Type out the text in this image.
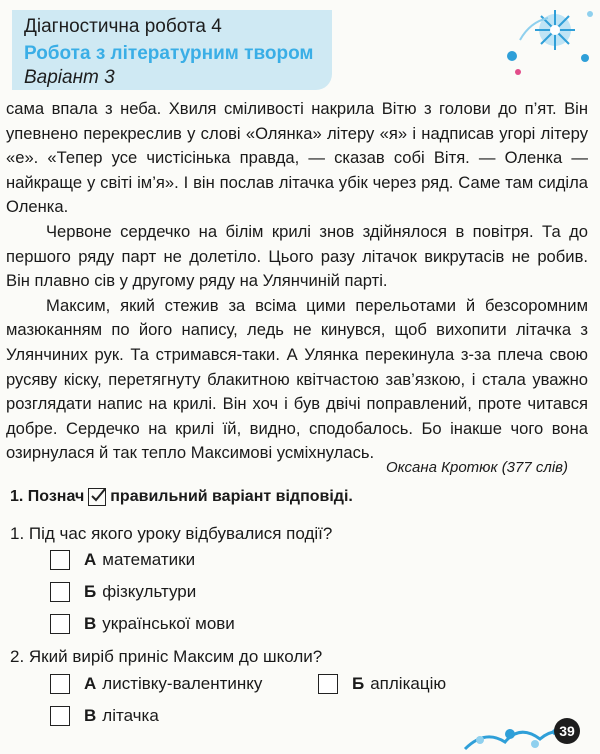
Діагностична робота 4
Робота з літературним твором
Варіант 3

сама впала з неба. Хвиля сміливості накрила Вітю з голови до п’ят. Він упевнено перекреслив у слові «Олянка» літеру «я» і надписав угорі літеру «е». «Тепер усе чистісінька правда, — сказав собі Вітя. — Оленка — найкраще у світі ім’я». І він послав літачка убік через ряд. Саме там сиділа Оленка.

Червоне сердечко на білім крилі знов здійнялося в повітря. Та до першого ряду парт не долетіло. Цього разу літачок викрутасів не робив. Він плавно сів у другому ряду на Улянчиній парті.

Максим, який стежив за всіма цими перельотами й безсоромним мазюканням по його напису, ледь не кинувся, щоб вихопити літачка з Улянчиних рук. Та стримався-таки. А Улянка перекинула з-за плеча свою русяву кіску, перетягнуту блакитною квітчастою зав’язкою, і стала уважно розглядати напис на крилі. Він хоч і був двічі поправлений, проте читався добре. Сердечко на крилі їй, видно, сподобалось. Бо інакше чого вона озирнулася й так тепло Максимові усміхнулась.

Оксана Кротюк (377 слів)
1. Познач правильний варіант відповіді.
1. Під час якого уроку відбувалися події?
А математики
Б фізкультури
В української мови
2. Який виріб приніс Максим до школи?
А листівку-валентинку	Б аплікацію
В літачка
39
